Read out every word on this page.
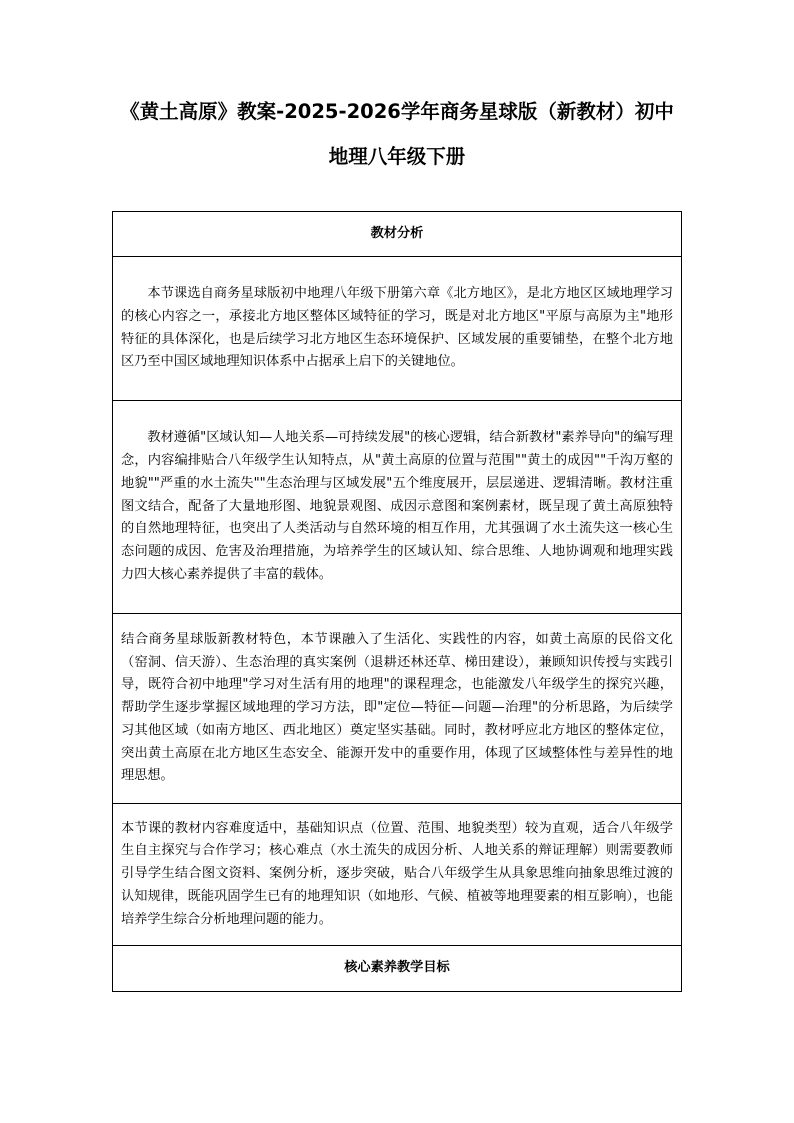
《黄土高原》教案-2025-2026学年商务星球版（新教材）初中
地理八年级下册
教材分析
本节课选自商务星球版初中地理八年级下册第六章《北方地区》，是北方地区区域地理学习的核心内容之一，承接北方地区整体区域特征的学习，既是对北方地区"平原与高原为主"地形特征的具体深化，也是后续学习北方地区生态环境保护、区域发展的重要铺垫，在整个北方地区乃至中国区域地理知识体系中占据承上启下的关键地位。
教材遵循"区域认知—人地关系—可持续发展"的核心逻辑，结合新教材"素养导向"的编写理念，内容编排贴合八年级学生认知特点，从"黄土高原的位置与范围""黄土的成因""千沟万壑的地貌""严重的水土流失""生态治理与区域发展"五个维度展开，层层递进、逻辑清晰。教材注重图文结合，配备了大量地形图、地貌景观图、成因示意图和案例素材，既呈现了黄土高原独特的自然地理特征，也突出了人类活动与自然环境的相互作用，尤其强调了水土流失这一核心生态问题的成因、危害及治理措施，为培养学生的区域认知、综合思维、人地协调观和地理实践力四大核心素养提供了丰富的载体。
结合商务星球版新教材特色，本节课融入了生活化、实践性的内容，如黄土高原的民俗文化（窑洞、信天游）、生态治理的真实案例（退耕还林还草、梯田建设），兼顾知识传授与实践引导，既符合初中地理"学习对生活有用的地理"的课程理念，也能激发八年级学生的探究兴趣，帮助学生逐步掌握区域地理的学习方法，即"定位—特征—问题—治理"的分析思路，为后续学习其他区域（如南方地区、西北地区）奠定坚实基础。同时，教材呼应北方地区的整体定位，突出黄土高原在北方地区生态安全、能源开发中的重要作用，体现了区域整体性与差异性的地理思想。
本节课的教材内容难度适中，基础知识点（位置、范围、地貌类型）较为直观，适合八年级学生自主探究与合作学习；核心难点（水土流失的成因分析、人地关系的辩证理解）则需要教师引导学生结合图文资料、案例分析，逐步突破，贴合八年级学生从具象思维向抽象思维过渡的认知规律，既能巩固学生已有的地理知识（如地形、气候、植被等地理要素的相互影响），也能培养学生综合分析地理问题的能力。
核心素养教学目标
